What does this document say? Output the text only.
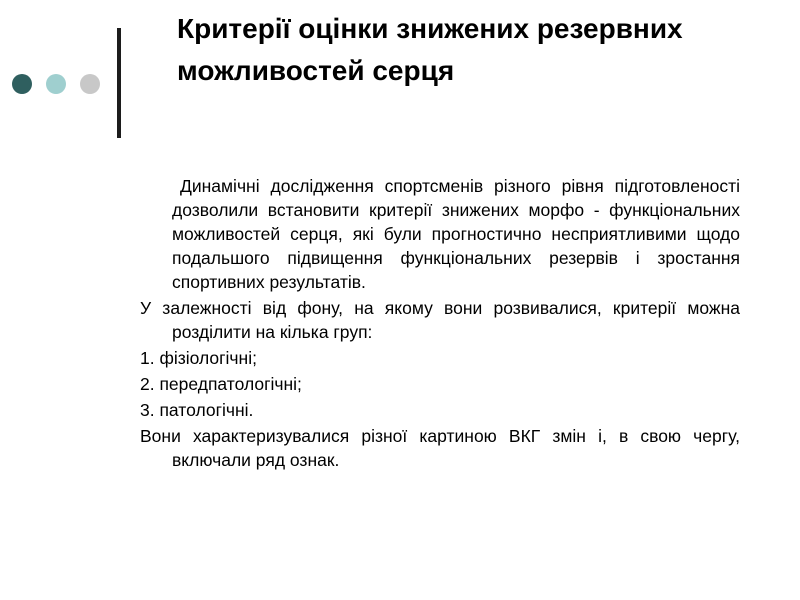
Критерії оцінки знижених резервних можливостей серця

Динамічні дослідження спортсменів різного рівня підготовленості дозволили встановити критерії знижених морфо - функціональних можливостей серця, які були прогностично несприятливими щодо подальшого підвищення функціональних резервів і зростання спортивних результатів.

У залежності від фону, на якому вони розвивалися, критерії можна розділити на кілька груп:

1. фізіологічні;

2. передпатологічні;

3. патологічні.

Вони характеризувалися різної картиною ВКГ змін і, в свою чергу, включали ряд ознак.
